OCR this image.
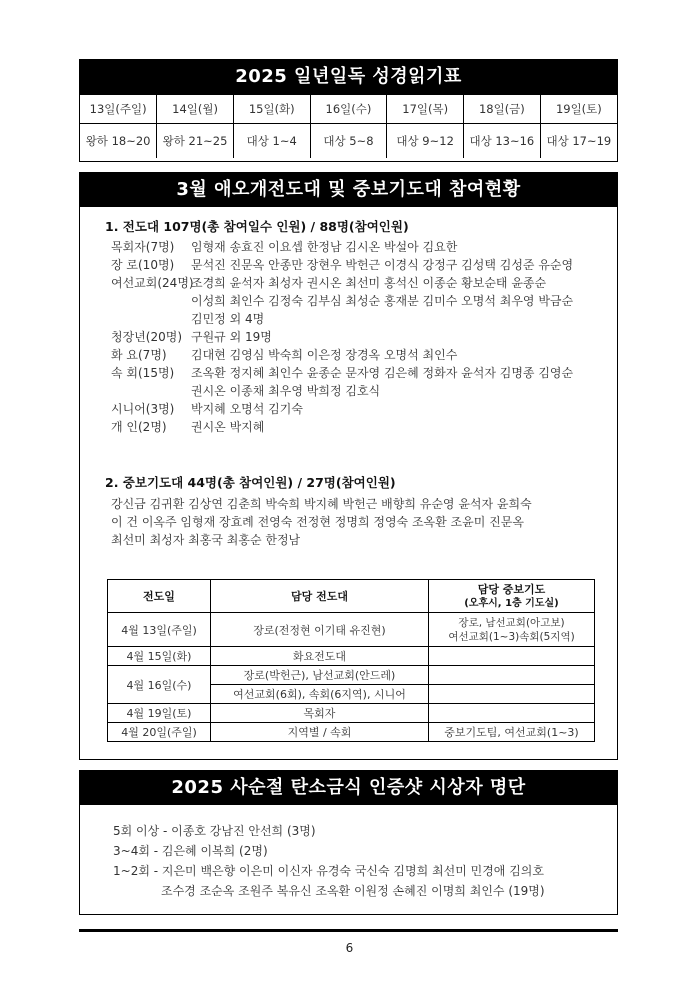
2025 일년일독 성경읽기표
13일(주일)	14일(월)	15일(화)	16일(수)	17일(목)	18일(금)	19일(토)
왕하 18~20	왕하 21~25	대상 1~4	대상 5~8	대상 9~12	대상 13~16	대상 17~19
3월 애오개전도대 및 중보기도대 참여현황
1. 전도대 107명(총 참여일수 인원) / 88명(참여인원)
목회자(7명)	임형재 송효진 이요셉 한정남 김시온 박설아 김요한
장 로(10명)	문석진 진문옥 안종만 장현우 박헌근 이경식 강정구 김성택 김성준 유순영
여선교회(24명)
조경희 윤석자 최성자 권시온 최선미 홍석신 이종순 황보순태 윤종순
이성희 최인수 김정숙 김부심 최성순 홍재분 김미수 오명석 최우영 박금순
김민정 외 4명
청장년(20명) 구원규 외 19명
화 요(7명)	김대현 김영심 박숙희 이은정 장경옥 오명석 최인수
속 회(15명)	조옥환 정지혜 최인수 윤종순 문자영 김은혜 정화자 윤석자 김명종 김영순
권시온 이종채 최우영 박희정 김호식
시니어(3명)	박지혜 오명석 김기숙
개 인(2명)	권시온 박지혜
2. 중보기도대 44명(총 참여인원) / 27명(참여인원)
강신금 김귀환 김상연 김춘희 박숙희 박지혜 박헌근 배향희 유순영 윤석자 윤희숙
이 건 이옥주 임형재 장효례 전영숙 전정현 정명희 정영숙 조옥환 조윤미 진문옥
최선미 최성자 최홍국 최홍순 한정남
전도일	담당 전도대	담당 중보기도
(오후시, 1층 기도실)

4월 13일(주일)	장로(전정현 이기태 유진현)	장로, 남선교회(아고보)
여선교회(1~3)속회(5지역)

4월 15일(화)	화요전도대	
4월 16일(수)	장로(박헌근), 남선교회(안드레)	
	여선교회(6회), 속회(6지역), 시니어	
4월 19일(토)	목회자	
4월 20일(주일)	지역별 / 속회	중보기도팀, 여선교회(1~3)
2025 사순절 탄소금식 인증샷 시상자 명단
5회 이상 - 이종호 강남진 안선희 (3명)
3~4회 - 김은혜 이복희 (2명)
1~2회 - 지은미 백은향 이은미 이신자 유경숙 국신숙 김명희 최선미 민경애 김의호
조수경 조순옥 조원주 복유신 조옥환 이원정 손혜진 이명희 최인수 (19명)
6
